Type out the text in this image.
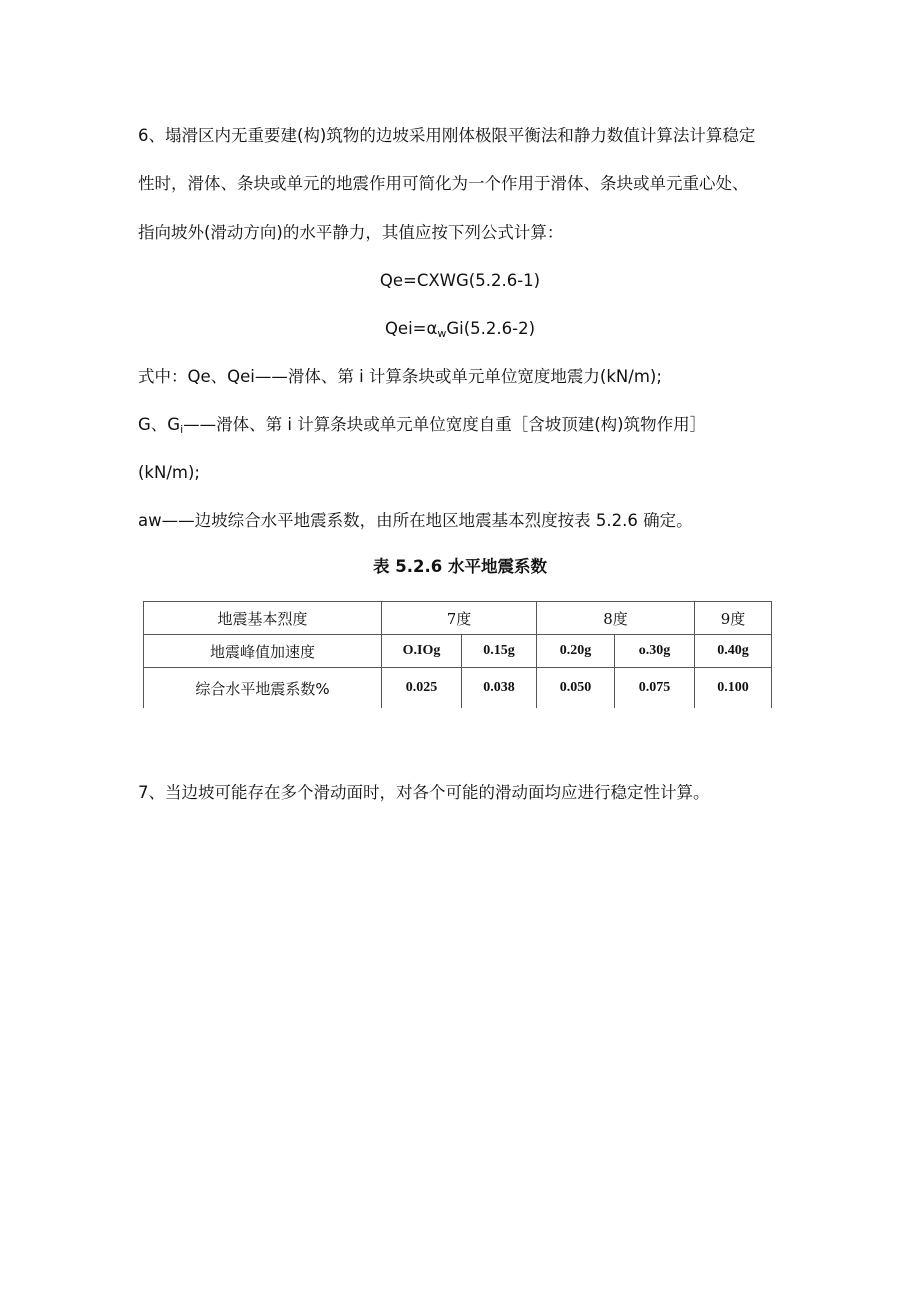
6、塌滑区内无重要建(构)筑物的边坡采用刚体极限平衡法和静力数值计算法计算稳定
性时，滑体、条块或单元的地震作用可简化为一个作用于滑体、条块或单元重心处、
指向坡外(滑动方向)的水平静力，其值应按下列公式计算：
Qe=CXWG(5.2.6-1)
$Qei=\alpha_wGi(5.2.6-2)$
式中：Qe、Qei——滑体、第 i 计算条块或单元单位宽度地震力(kN/m);
G、$G_i——$滑体、第 i 计算条块或单元单位宽度自重［含坡顶建(构)筑物作用］
(kN/m);
aw——边坡综合水平地震系数，由所在地区地震基本烈度按表 5.2.6 确定。
表 5.2.6 水平地震系数
地震基本烈度	7度		8度		9度
地震峰值加速度	O.IOg	0.15g	0.20g	o.30g	0.40g
综合水平地震系数%	0.025	0.038	0.050	0.075	0.100
7、当边坡可能存在多个滑动面时，对各个可能的滑动面均应进行稳定性计算。
